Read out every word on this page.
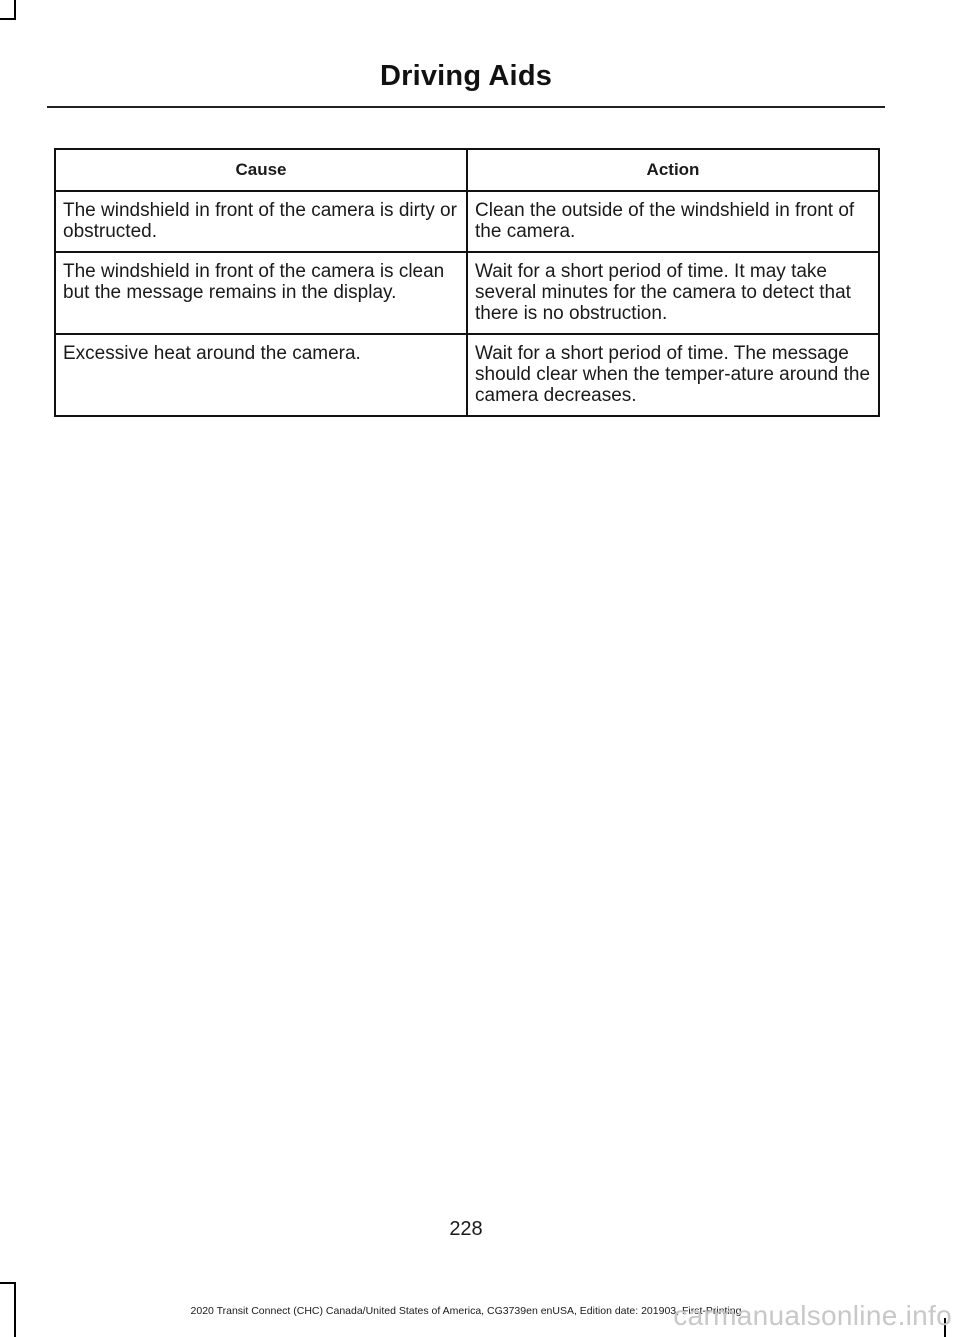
Driving Aids
Cause	Action
The windshield in front of the camera is dirty or obstructed.	Clean the outside of the windshield in front of the camera.
The windshield in front of the camera is clean but the message remains in the display.	Wait for a short period of time. It may take several minutes for the camera to detect that there is no obstruction.
Excessive heat around the camera.	Wait for a short period of time. The message should clear when the temper-ature around the camera decreases.
228
2020 Transit Connect (CHC) Canada/United States of America, CG3739en enUSA, Edition date: 201903, First-Printing
carmanualsonline.info
